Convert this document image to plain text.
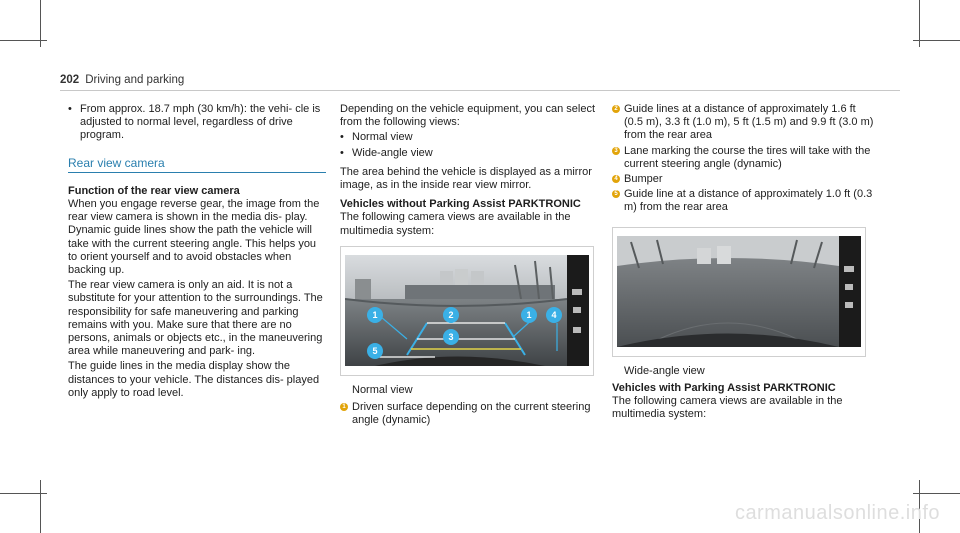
202 Driving and parking
• From approx. 18.7 mph (30 km/h): the vehi- cle is adjusted to normal level, regardless of drive program.
Rear view camera

Function of the rear view camera

When you engage reverse gear, the image from the rear view camera is shown in the media dis- play. Dynamic guide lines show the path the vehicle will take with the current steering angle. This helps you to orient yourself and to avoid obstacles when backing up.

The rear view camera is only an aid. It is not a substitute for your attention to the surroundings. The responsibility for safe maneuvering and parking remains with you. Make sure that there are no persons, animals or objects etc., in the maneuvering area while maneuvering and park- ing.

The guide lines in the media display show the distances to your vehicle. The distances dis- played only apply to road level.

Depending on the vehicle equipment, you can select from the following views:

• Normal view
• Wide-angle view

The area behind the vehicle is displayed as a mirror image, as in the inside rear view mirror.

Vehicles without Parking Assist PARKTRONIC

The following camera views are available in the multimedia system:

1	2	1 4
3
5

Normal view

1 Driven surface depending on the current steering angle (dynamic)
2 Guide lines at a distance of approximately 1.6 ft (0.5 m), 3.3 ft (1.0 m), 5 ft (1.5 m) and 9.9 ft (3.0 m) from the rear area
3 Lane marking the course the tires will take with the current steering angle (dynamic)
4 Bumper
5 Guide line at a distance of approximately 1.0 ft (0.3 m) from the rear area

Wide-angle view

Vehicles with Parking Assist PARKTRONIC

The following camera views are available in the multimedia system:

carmanualsonline.info
